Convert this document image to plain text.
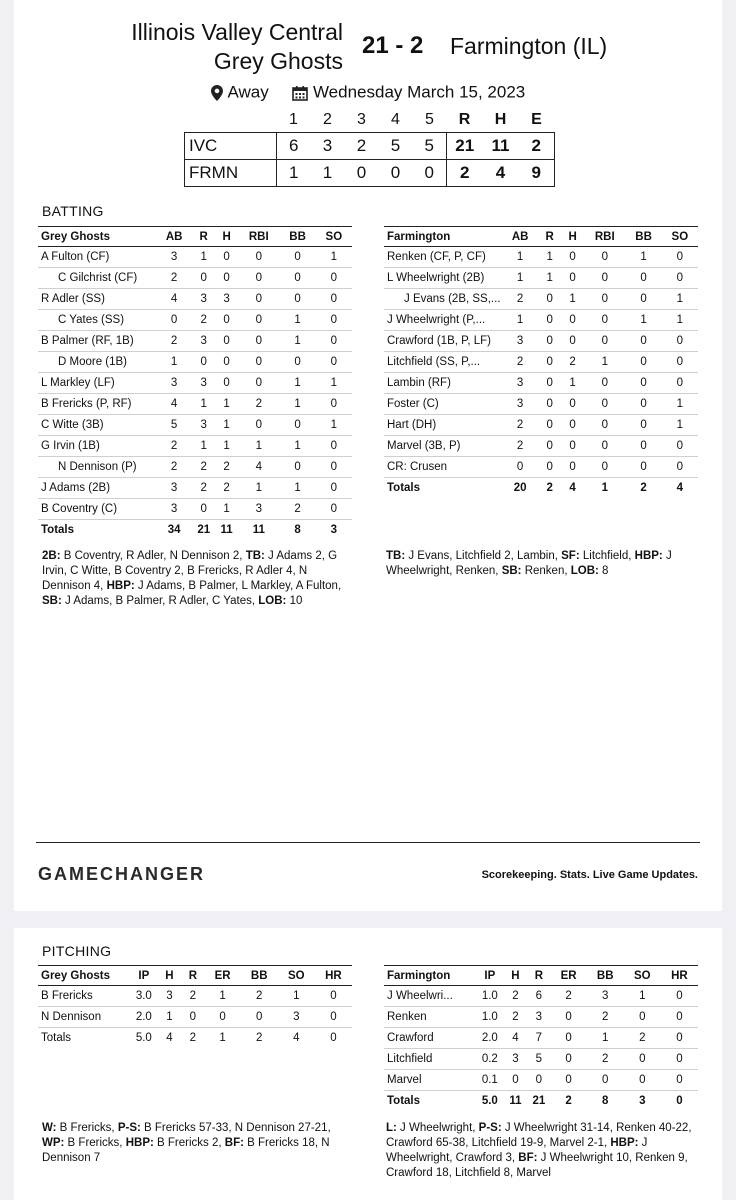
Illinois Valley Central
Grey Ghosts
21 - 2 Farmington (IL)
Away	Wednesday March 15, 2023
	1	2	3	4	5	R	H	E
IVC	6	3	2	5	5	21	11	2
FRMN	1	1	0	0	0	2	4	9
BATTING
Grey Ghosts	AB	R	H	RBI	BB	SO
A Fulton (CF)	3	1	0	0	0	1
C Gilchrist (CF)	2	0	0	0	0	0
R Adler (SS)	4	3	3	0	0	0
C Yates (SS)	0	2	0	0	1	0
B Palmer (RF, 1B)	2	3	0	0	1	0
D Moore (1B)	1	0	0	0	0	0
L Markley (LF)	3	3	0	0	1	1
B Frericks (P, RF)	4	1	1	2	1	0
C Witte (3B)	5	3	1	0	0	1
G Irvin (1B)	2	1	1	1	1	0
N Dennison (P)	2	2	2	4	0	0
J Adams (2B)	3	2	2	1	1	0
B Coventry (C)	3	0	1	3	2	0
Totals	34	21	11	11	8	3
Farmington	AB	R	H	RBI	BB	SO
Renken (CF, P, CF)	1	1	0	0	1	0
L Wheelwright (2B)	1	1	0	0	0	0
J Evans (2B, SS,...	2	0	1	0	0	1
J Wheelwright (P,...	1	0	0	0	1	1
Crawford (1B, P, LF)	3	0	0	0	0	0
Litchfield (SS, P,...	2	0	2	1	0	0
Lambin (RF)	3	0	1	0	0	0
Foster (C)	3	0	0	0	0	1
Hart (DH)	2	0	0	0	0	1
Marvel (3B, P)	2	0	0	0	0	0
CR: Crusen	0	0	0	0	0	0
Totals	20	2	4	1	2	4
2B: B Coventry, R Adler, N Dennison 2, TB: J Adams 2, G Irvin, C Witte, B Coventry 2, B Frericks, R Adler 4, N Dennison 4, HBP: J Adams, B Palmer, L Markley, A Fulton, SB: J Adams, B Palmer, R Adler, C Yates, LOB: 10
TB: J Evans, Litchfield 2, Lambin, SF: Litchfield, HBP: J Wheelwright, Renken, SB: Renken, LOB: 8
GAMECHANGER	Scorekeeping. Stats. Live Game Updates.
PITCHING
Grey Ghosts	IP	H	R	ER	BB	SO	HR
B Frericks	3.0	3	2	1	2	1	0
N Dennison	2.0	1	0	0	0	3	0
Totals	5.0	4	2	1	2	4	0
Farmington	IP	H	R	ER	BB	SO	HR
J Wheelwri...	1.0	2	6	2	3	1	0
Renken	1.0	2	3	0	2	0	0
Crawford	2.0	4	7	0	1	2	0
Litchfield	0.2	3	5	0	2	0	0
Marvel	0.1	0	0	0	0	0	0
Totals	5.0	11	21	2	8	3	0
W: B Frericks, P-S: B Frericks 57-33, N Dennison 27-21, WP: B Frericks, HBP: B Frericks 2, BF: B Frericks 18, N Dennison 7
L: J Wheelwright, P-S: J Wheelwright 31-14, Renken 40-22, Crawford 65-38, Litchfield 19-9, Marvel 2-1, HBP: J Wheelwright, Crawford 3, BF: J Wheelwright 10, Renken 9, Crawford 18, Litchfield 8, Marvel
